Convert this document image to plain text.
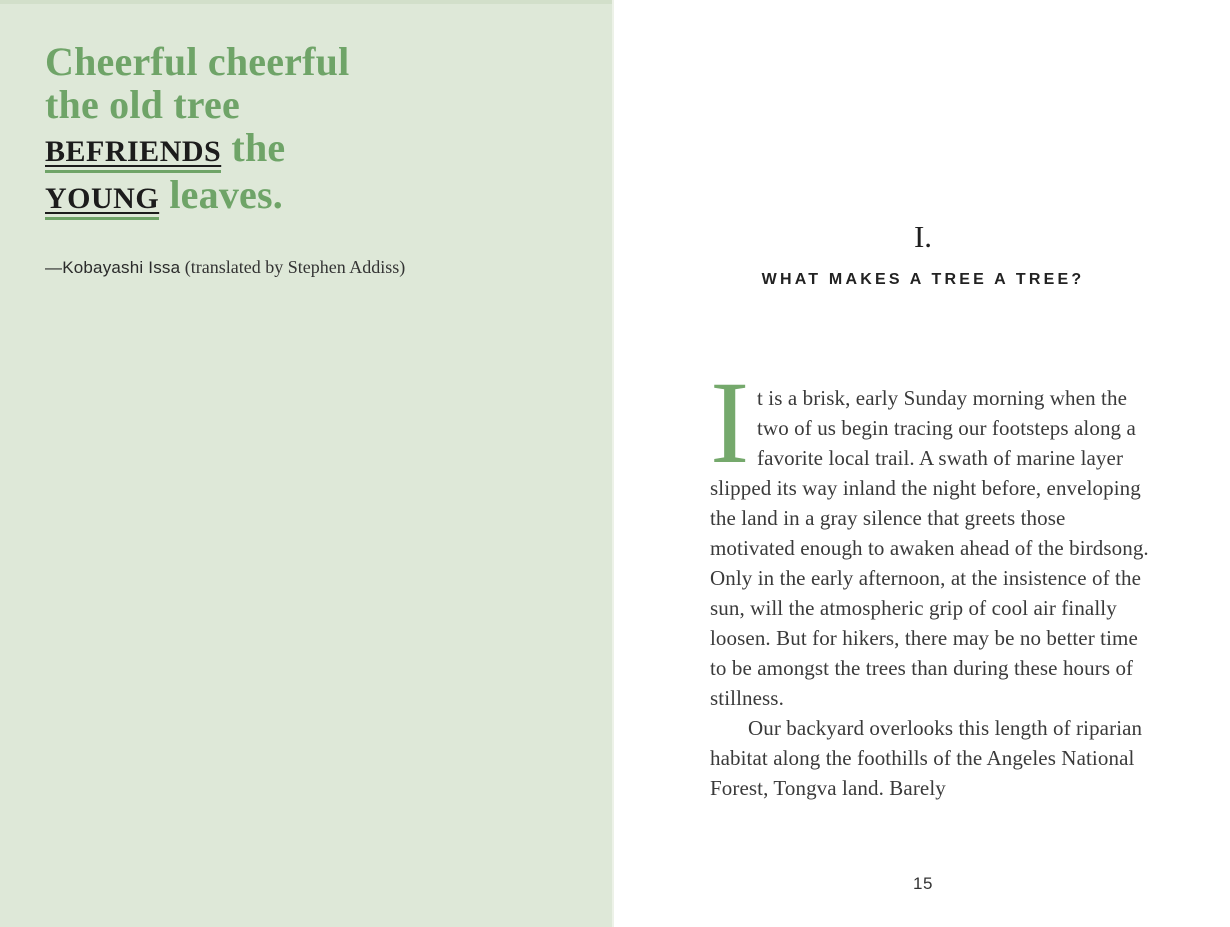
Cheerful cheerful
the old tree
BEFRIENDS the
YOUNG leaves.
—Kobayashi Issa (translated by Stephen Addiss)
I.
WHAT MAKES A TREE A TREE?

I t is a brisk, early Sunday morning when the two of us begin tracing our footsteps along a favorite local trail. A swath of marine layer slipped its way inland the night before, enveloping the land in a gray silence that greets those motivated enough to awaken ahead of the birdsong. Only in the early afternoon, at the insistence of the sun, will the atmospheric grip of cool air finally loosen. But for hikers, there may be no better time to be amongst the trees than during these hours of stillness.

Our backyard overlooks this length of riparian habitat along the foothills of the Angeles National Forest, Tongva land. Barely

15
